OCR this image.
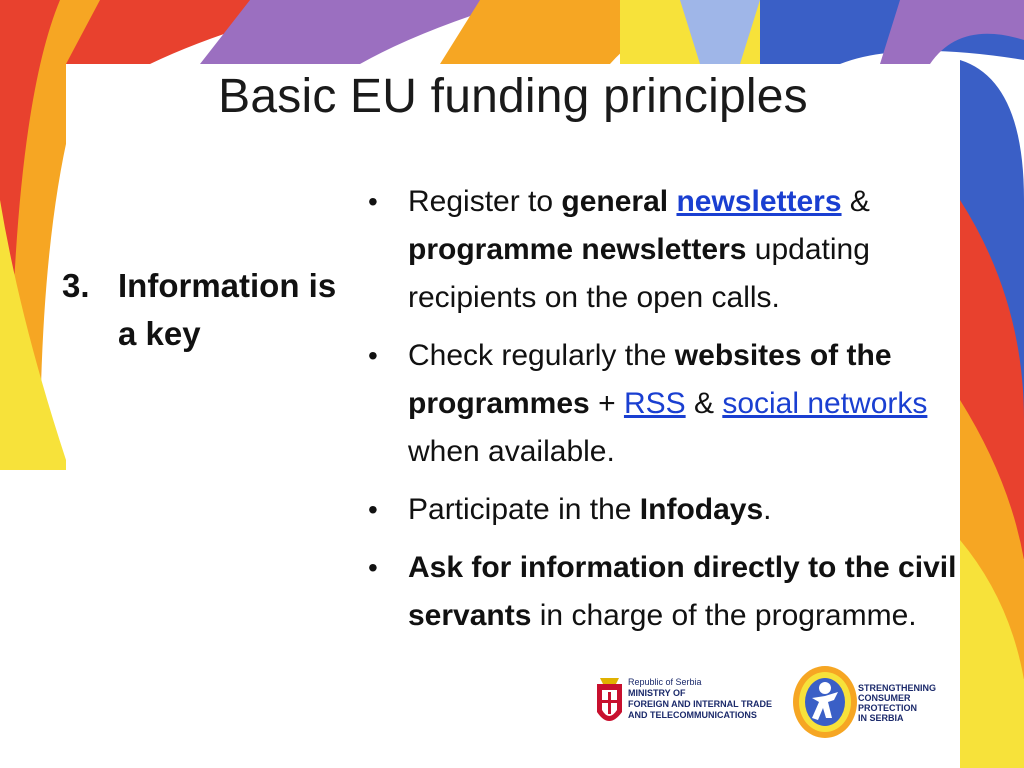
Basic EU funding principles
3. Information is a key
• Register to general newsletters & programme newsletters updating recipients on the open calls.
• Check regularly the websites of the programmes + RSS & social networks when available.
• Participate in the Infodays.
• Ask for information directly to the civil servants in charge of the programme.
Republic of Serbia
MINISTRY OF
FOREIGN AND INTERNAL TRADE
AND TELECOMMUNICATIONS
STRENGTHENING
CONSUMER
PROTECTION
IN SERBIA
